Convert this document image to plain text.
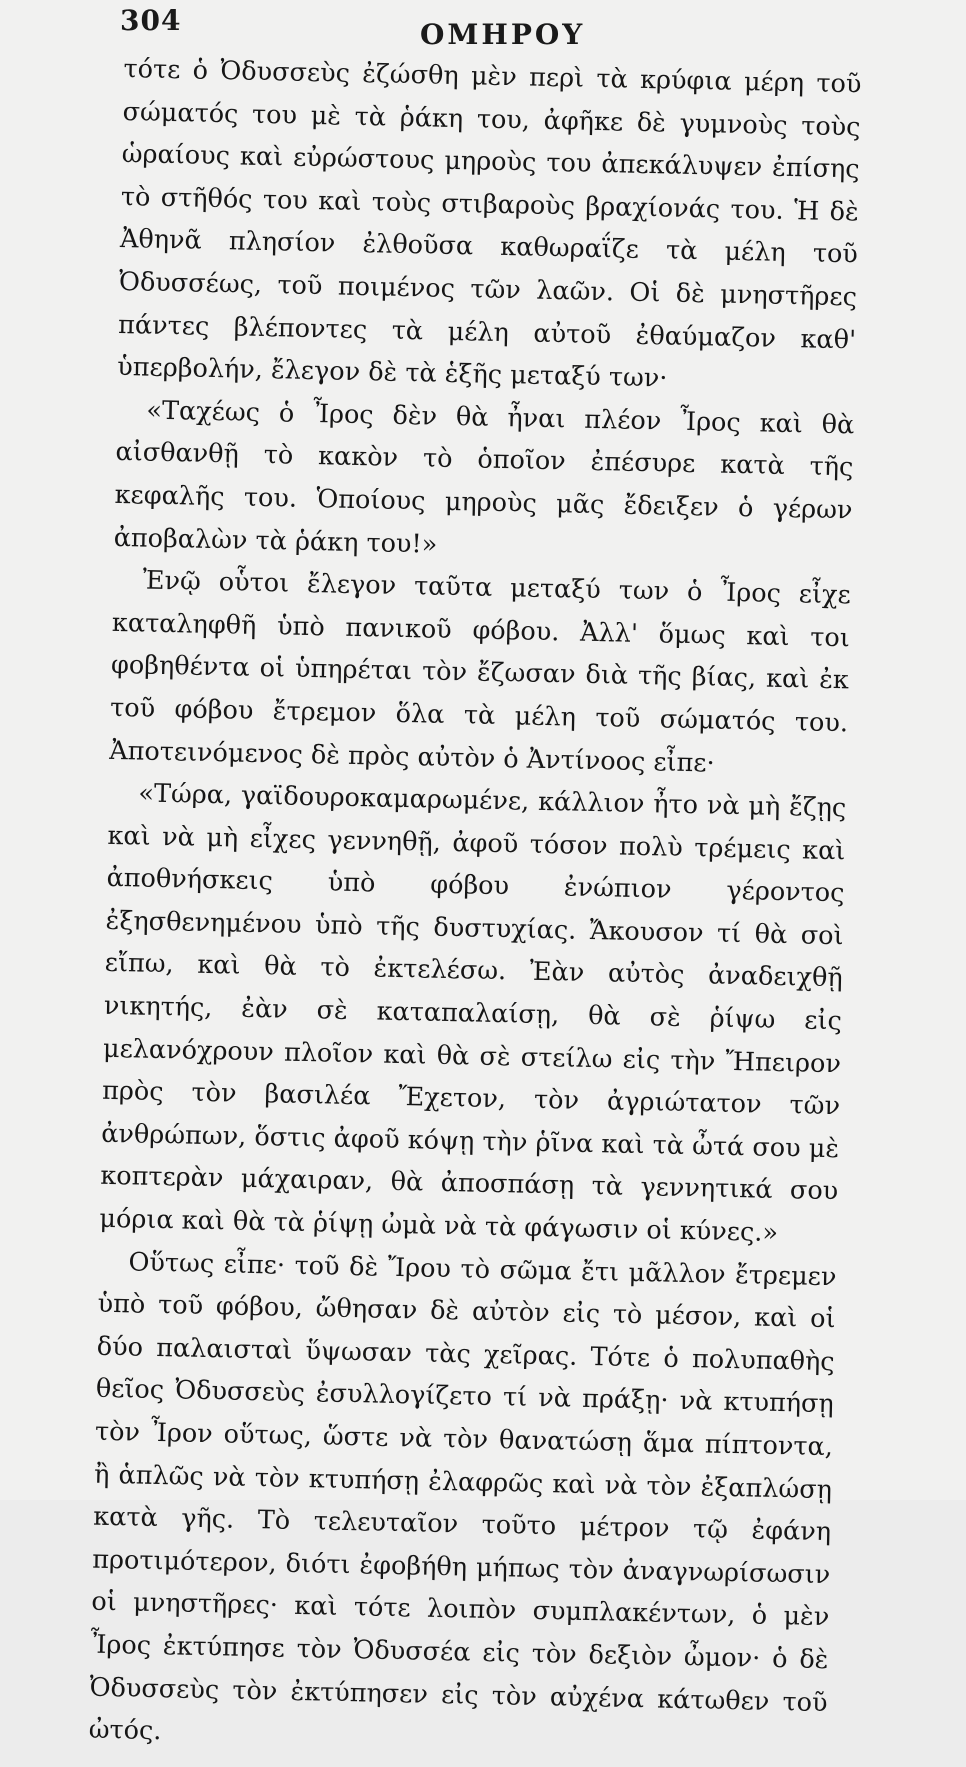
304	ΟΜΗΡΟΥ

τότε ὁ Ὀδυσσεὺς ἐζώσθη μὲν περὶ τὰ κρύφια μέρη τοῦ σώματός του μὲ τὰ ῥάκη του, ἀφῆκε δὲ γυμνοὺς τοὺς ὡραίους καὶ εὐρώστους μηροὺς του ἀπεκάλυψεν ἐπίσης τὸ στῆθός του καὶ τοὺς στιβαροὺς βραχίονάς του. Ἡ δὲ Ἀθηνᾶ πλησίον ἐλθοῦσα καθωραΐζε τὰ μέλη τοῦ Ὀδυσσέως, τοῦ ποιμένος τῶν λαῶν. Οἱ δὲ μνηστῆρες πάντες βλέποντες τὰ μέλη αὐτοῦ ἐθαύμαζον καθ' ὑπερβολήν, ἔλεγον δὲ τὰ ἑξῆς μεταξύ των·

«Ταχέως ὁ Ἶρος δὲν θὰ ἦναι πλέον Ἶρος καὶ θὰ αἰσθανθῇ τὸ κακὸν τὸ ὁποῖον ἐπέσυρε κατὰ τῆς κεφαλῆς του. Ὁποίους μηροὺς μᾶς ἔδειξεν ὁ γέρων ἀποβαλὼν τὰ ῥάκη του!»

Ἐνῷ οὗτοι ἔλεγον ταῦτα μεταξύ των ὁ Ἶρος εἶχε καταληφθῆ ὑπὸ πανικοῦ φόβου. Ἀλλ' ὅμως καὶ τοι φοβηθέντα οἱ ὑπηρέται τὸν ἔζωσαν διὰ τῆς βίας, καὶ ἐκ τοῦ φόβου ἔτρεμον ὅλα τὰ μέλη τοῦ σώματός του. Ἀποτεινόμενος δὲ πρὸς αὐτὸν ὁ Ἀντίνοος εἶπε·

«Τώρα, γαϊδουροκαμαρωμένε, κάλλιον ἦτο νὰ μὴ ἔζῃς καὶ νὰ μὴ εἶχες γεννηθῇ, ἀφοῦ τόσον πολὺ τρέμεις καὶ ἀποθνήσκεις ὑπὸ φόβου ἐνώπιον γέροντος ἐξησθενημένου ὑπὸ τῆς δυστυχίας. Ἄκουσον τί θὰ σοὶ εἴπω, καὶ θὰ τὸ ἐκτελέσω. Ἐὰν αὐτὸς ἀναδειχθῇ νικητής, ἐὰν σὲ καταπαλαίσῃ, θὰ σὲ ῥίψω εἰς μελανόχρουν πλοῖον καὶ θὰ σὲ στείλω εἰς τὴν Ἤπειρον πρὸς τὸν βασιλέα Ἔχετον, τὸν ἀγριώτατον τῶν ἀνθρώπων, ὅστις ἀφοῦ κόψῃ τὴν ῥῖνα καὶ τὰ ὦτά σου μὲ κοπτερὰν μάχαιραν, θὰ ἀποσπάσῃ τὰ γεννητικά σου μόρια καὶ θὰ τὰ ῥίψῃ ὠμὰ νὰ τὰ φάγωσιν οἱ κύνες.»

Οὕτως εἶπε· τοῦ δὲ Ἴρου τὸ σῶμα ἔτι μᾶλλον ἔτρεμεν ὑπὸ τοῦ φόβου, ὤθησαν δὲ αὐτὸν εἰς τὸ μέσον, καὶ οἱ δύο παλαισταὶ ὕψωσαν τὰς χεῖρας. Τότε ὁ πολυπαθὴς θεῖος Ὀδυσσεὺς ἐσυλλογίζετο τί νὰ πράξῃ· νὰ κτυπήσῃ τὸν Ἶρον οὕτως, ὥστε νὰ τὸν θανατώσῃ ἅμα πίπτοντα, ἢ ἁπλῶς νὰ τὸν κτυπήσῃ ἐλαφρῶς καὶ νὰ τὸν ἐξαπλώσῃ κατὰ γῆς. Τὸ τελευταῖον τοῦτο μέτρον τῷ ἐφάνη προτιμότερον, διότι ἐφοβήθη μήπως τὸν ἀναγνωρίσωσιν οἱ μνηστῆρες· καὶ τότε λοιπὸν συμπλακέντων, ὁ μὲν Ἶρος ἐκτύπησε τὸν Ὀδυσσέα εἰς τὸν δεξιὸν ὦμον· ὁ δὲ Ὀδυσσεὺς τὸν ἐκτύπησεν εἰς τὸν αὐχένα κάτωθεν τοῦ ὠτός.
